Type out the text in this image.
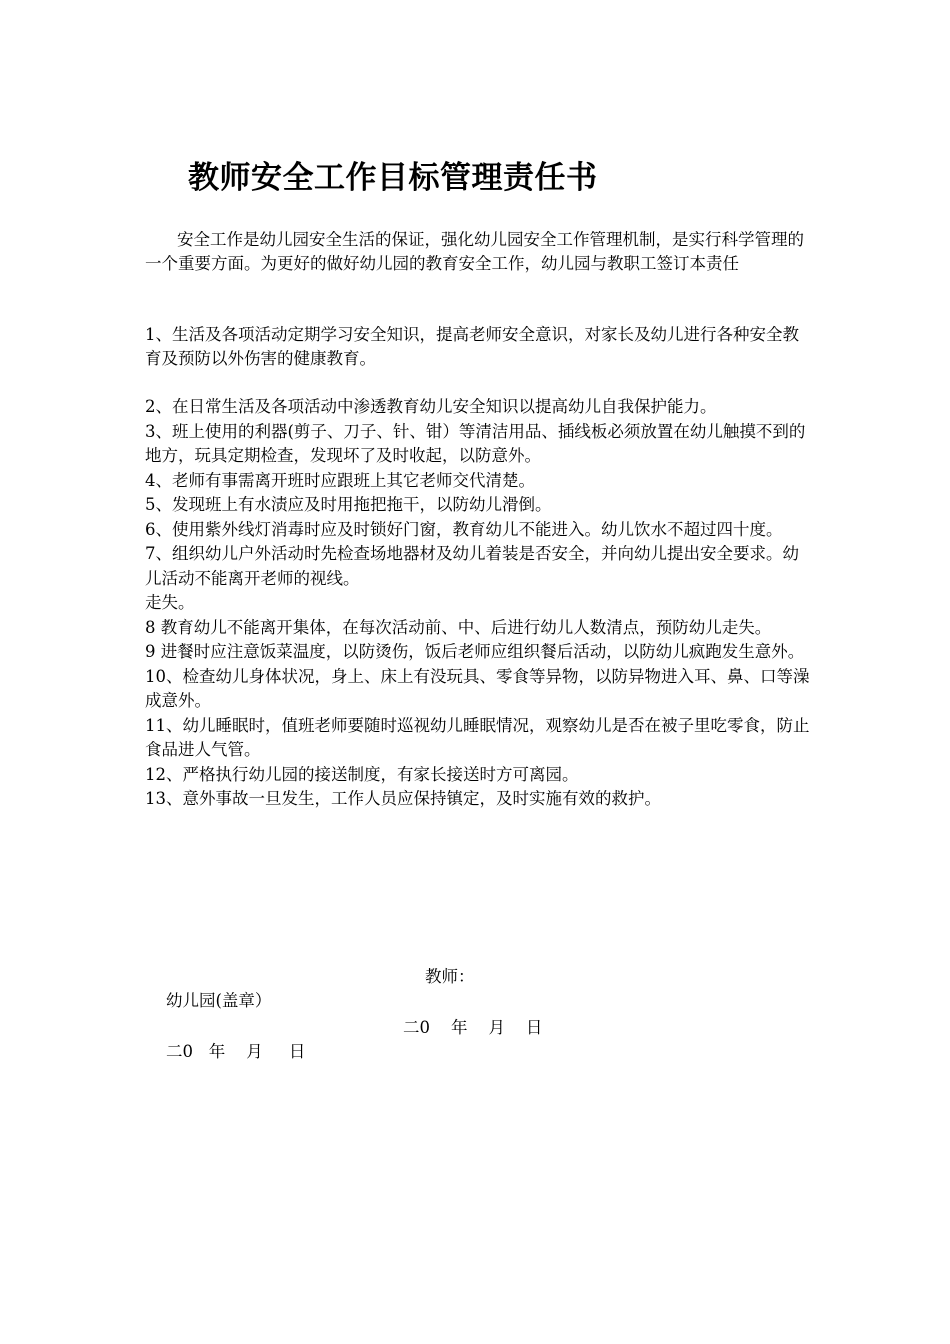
教师安全工作目标管理责任书

安全工作是幼儿园安全生活的保证，强化幼儿园安全工作管理机制，是实行科学管理的一个重要方面。为更好的做好幼儿园的教育安全工作，幼儿园与教职工签订本责任

1、生活及各项活动定期学习安全知识，提高老师安全意识，对家长及幼儿进行各种安全教育及预防以外伤害的健康教育。

2、在日常生活及各项活动中渗透教育幼儿安全知识以提高幼儿自我保护能力。

3、班上使用的利器(剪子、刀子、针、钳）等清洁用品、插线板必须放置在幼儿触摸不到的地方，玩具定期检查，发现坏了及时收起，以防意外。

4、老师有事需离开班时应跟班上其它老师交代清楚。

5、发现班上有水渍应及时用拖把拖干，以防幼儿滑倒。

6、使用紫外线灯消毒时应及时锁好门窗，教育幼儿不能进入。幼儿饮水不超过四十度。

7、组织幼儿户外活动时先检查场地器材及幼儿着装是否安全，并向幼儿提出安全要求。幼儿活动不能离开老师的视线。

走失。

8 教育幼儿不能离开集体，在每次活动前、中、后进行幼儿人数清点，预防幼儿走失。

9 进餐时应注意饭菜温度，以防烫伤，饭后老师应组织餐后活动，以防幼儿疯跑发生意外。

10、检查幼儿身体状况，身上、床上有没玩具、零食等异物，以防异物进入耳、鼻、口等澡成意外。

11、幼儿睡眠时，值班老师要随时巡视幼儿睡眠情况，观察幼儿是否在被子里吃零食，防止食品进人气管。

12、严格执行幼儿园的接送制度，有家长接送时方可离园。

13、意外事故一旦发生，工作人员应保持镇定，及时实施有效的救护。

幼儿园(盖章）

教师：

二0   年    月     日

二0    年    月    日
